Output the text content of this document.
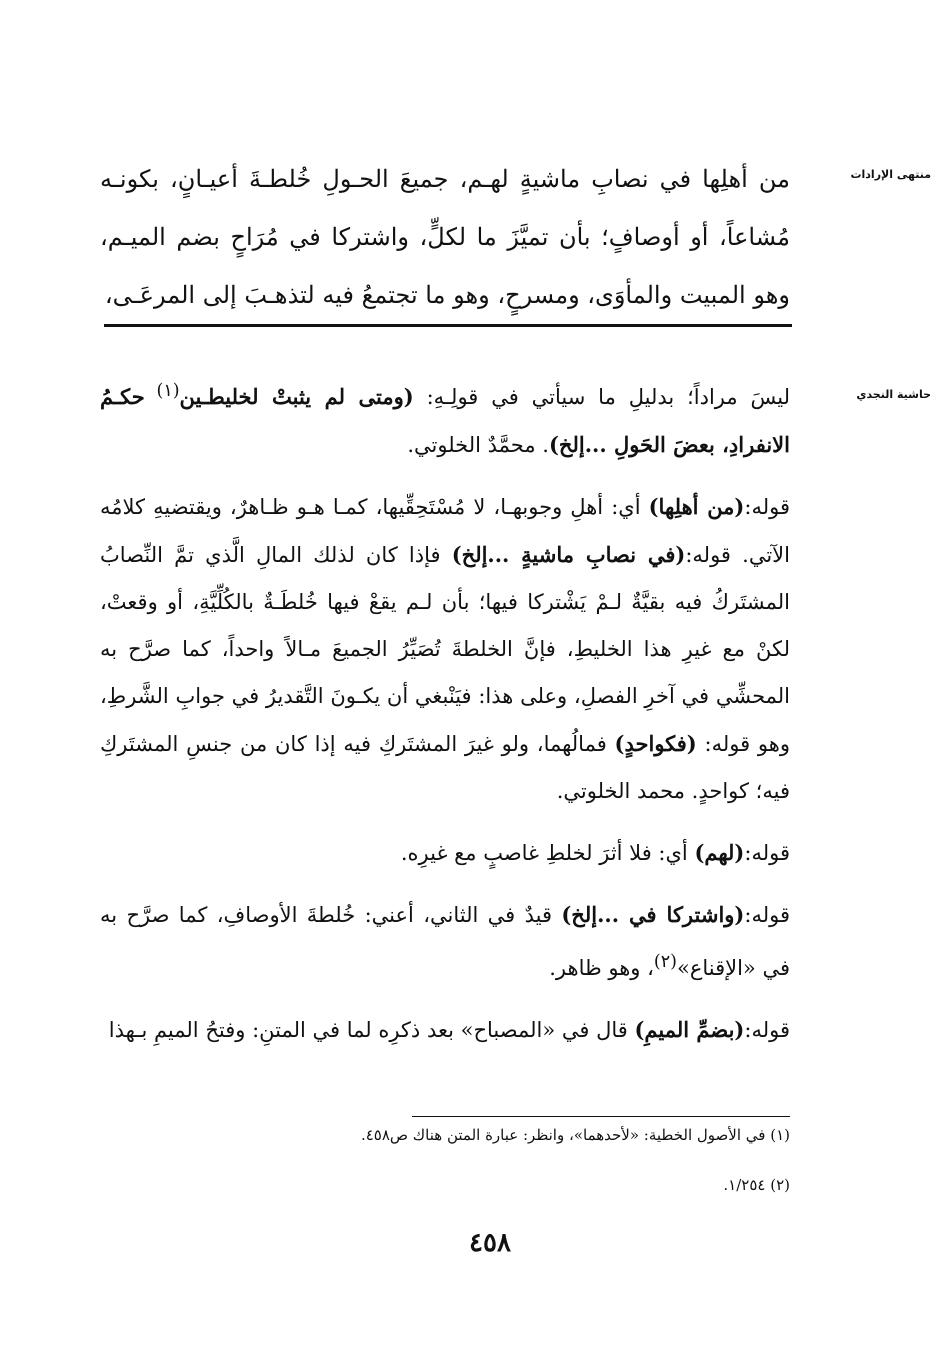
منتهى الإرادات
من أهلِها في نصابِ ماشيةٍ لهـم، جميعَ الحـولِ خُلطـةَ أعيـانٍ، بكونـه مُشاعاً، أو أوصافٍ؛ بأن تميَّزَ ما لكلٍّ، واشتركا في مُرَاحٍ بضم الميـم، وهو المبيت والمأوَى، ومسرحٍ، وهو ما تجتمعُ فيه لتذهـبَ إلى المرعَـى،
حاشية النجدي

ليسَ مراداً؛ بدليلِ ما سيأتي في قولِـهِ: (ومتى لم يثبتْ لخليطـين$^{(١)}$ حكـمُ الانفرادِ، بعضَ الحَولِ ...إلخ). محمَّدٌ الخلوتي.

قوله:(من أهلِها) أي: أهلِ وجوبهـا، لا مُسْتَحِقِّيها، كمـا هـو ظـاهرٌ، ويقتضيهِ كلامُه الآتي. قوله:(في نصابِ ماشيةٍ ...إلخ) فإذا كان لذلك المالِ الَّذي تمَّ النِّصابُ المشتَركُ فيه بقيَّةٌ لـمْ يَشْتركا فيها؛ بأن لـم يقعْ فيها خُلطَـةٌ بالكُلِّيَّةِ، أو وقعتْ، لكنْ مع غيرِ هذا الخليطِ، فإنَّ الخلطةَ تُصَيِّرُ الجميعَ مـالاً واحداً، كما صرَّح به المحشِّي في آخرِ الفصلِ، وعلى هذا: فيَنْبغي أن يكـونَ التَّقديرُ في جوابِ الشَّرطِ، وهو قوله: (فكواحدٍ) فمالُهما، ولو غيرَ المشتَركِ فيه إذا كان من جنسِ المشتَركِ فيه؛ كواحدٍ. محمد الخلوتي.

قوله:(لهم) أي: فلا أثرَ لخلطِ غاصبٍ مع غيرِه.

قوله:(واشتركا في ...إلخ) قيدٌ في الثاني، أعني: خُلطةَ الأوصافِ، كما صرَّح به في «الإقناع»$^{(٢)}$، وهو ظاهر.

قوله:(بضمِّ الميمِ) قال في «المصباح» بعد ذكرِه لما في المتنِ: وفتحُ الميمِ بـهذا

(١) في الأصول الخطية: «لأحدهما»، وانظر: عبارة المتن هناك ص٤٥٨.

(٢) ١/٢٥٤.

٤٥٨
